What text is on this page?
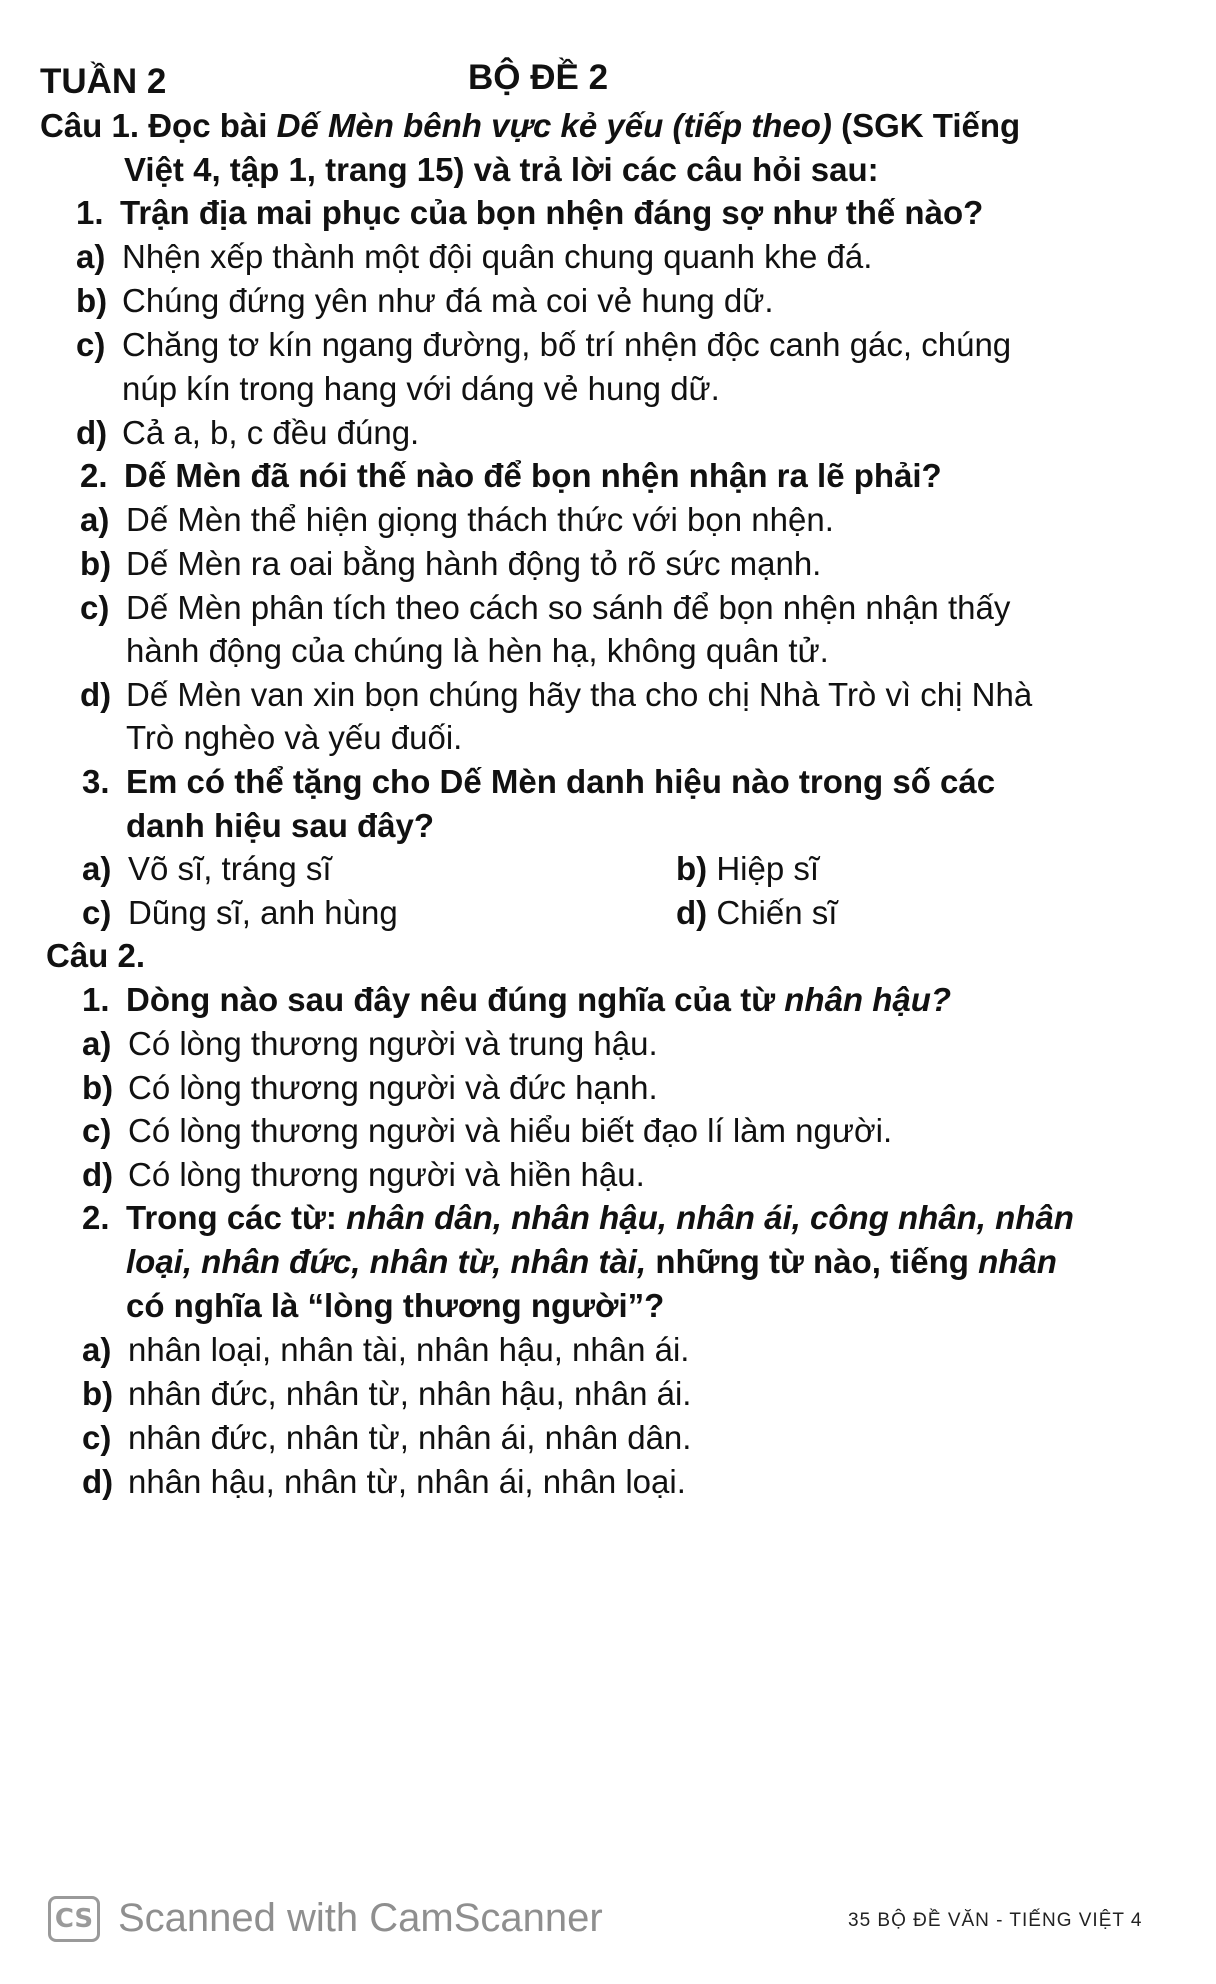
TUẦN 2	BỘ ĐỀ 2
Câu 1. Đọc bài Dế Mèn bênh vực kẻ yếu (tiếp theo) (SGK Tiếng
Việt 4, tập 1, trang 15) và trả lời các câu hỏi sau:
1. Trận địa mai phục của bọn nhện đáng sợ như thế nào?
a) Nhện xếp thành một đội quân chung quanh khe đá.
b) Chúng đứng yên như đá mà coi vẻ hung dữ.
c) Chăng tơ kín ngang đường, bố trí nhện độc canh gác, chúng
núp kín trong hang với dáng vẻ hung dữ.
d) Cả a, b, c đều đúng.
2. Dế Mèn đã nói thế nào để bọn nhện nhận ra lẽ phải?
a) Dế Mèn thể hiện giọng thách thức với bọn nhện.
b) Dế Mèn ra oai bằng hành động tỏ rõ sức mạnh.
c) Dế Mèn phân tích theo cách so sánh để bọn nhện nhận thấy
hành động của chúng là hèn hạ, không quân tử.
d) Dế Mèn van xin bọn chúng hãy tha cho chị Nhà Trò vì chị Nhà
Trò nghèo và yếu đuối.
3. Em có thể tặng cho Dế Mèn danh hiệu nào trong số các
danh hiệu sau đây?
a) Võ sĩ, tráng sĩ	b) Hiệp sĩ
c) Dũng sĩ, anh hùng	d) Chiến sĩ
Câu 2.
1. Dòng nào sau đây nêu đúng nghĩa của từ nhân hậu?
a) Có lòng thương người và trung hậu.
b) Có lòng thương người và đức hạnh.
c) Có lòng thương người và hiểu biết đạo lí làm người.
d) Có lòng thương người và hiền hậu.
2. Trong các từ: nhân dân, nhân hậu, nhân ái, công nhân, nhân
loại, nhân đức, nhân từ, nhân tài, những từ nào, tiếng nhân
có nghĩa là “lòng thương người”?
a) nhân loại, nhân tài, nhân hậu, nhân ái.
b) nhân đức, nhân từ, nhân hậu, nhân ái.
c) nhân đức, nhân từ, nhân ái, nhân dân.
d) nhân hậu, nhân từ, nhân ái, nhân loại.
CS Scanned with CamScanner	35 BỘ ĐỀ VĂN - TIẾNG VIỆT 4
